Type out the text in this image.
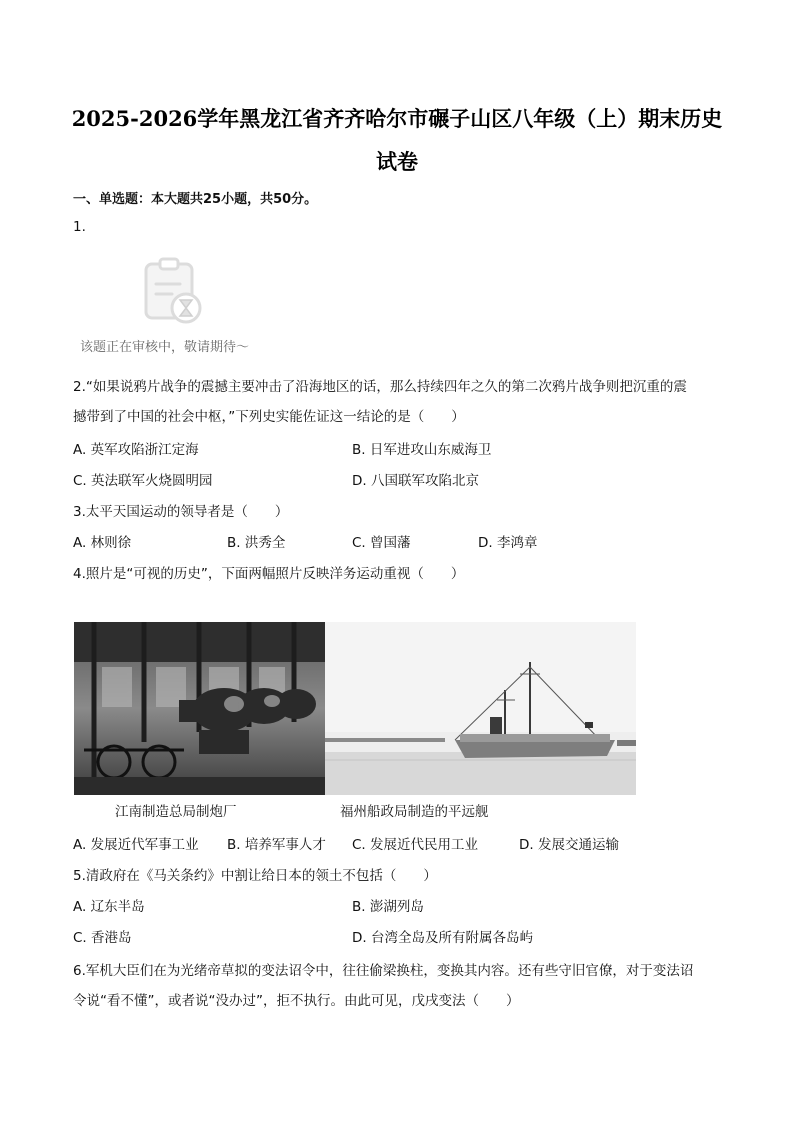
2025-2026学年黑龙江省齐齐哈尔市碾子山区八年级（上）期末历史
试卷
一、单选题：本大题共25小题，共50分。
1.
该题正在审核中，敬请期待～
2.“如果说鸦片战争的震撼主要冲击了沿海地区的话，那么持续四年之久的第二次鸦片战争则把沉重的震
撼带到了中国的社会中枢，”下列史实能佐证这一结论的是（　　）
A. 英军攻陷浙江定海	B. 日军进攻山东威海卫
C. 英法联军火烧圆明园	D. 八国联军攻陷北京
3.太平天国运动的领导者是（　　）
A. 林则徐	B. 洪秀全	C. 曾国藩	D. 李鸿章
4.照片是“可视的历史”，下面两幅照片反映洋务运动重视（　　）
江南制造总局制炮厂	福州船政局制造的平远舰
A. 发展近代军事工业 B. 培养军事人才 C. 发展近代民用工业	D. 发展交通运输
5.清政府在《马关条约》中割让给日本的领土不包括（　　）
A. 辽东半岛	B. 澎湖列岛
C. 香港岛	D. 台湾全岛及所有附属各岛屿
6.军机大臣们在为光绪帝草拟的变法诏令中，往往偷梁换柱，变换其内容。还有些守旧官僚，对于变法诏
令说“看不懂”，或者说“没办过”，拒不执行。由此可见，戊戌变法（　　）
